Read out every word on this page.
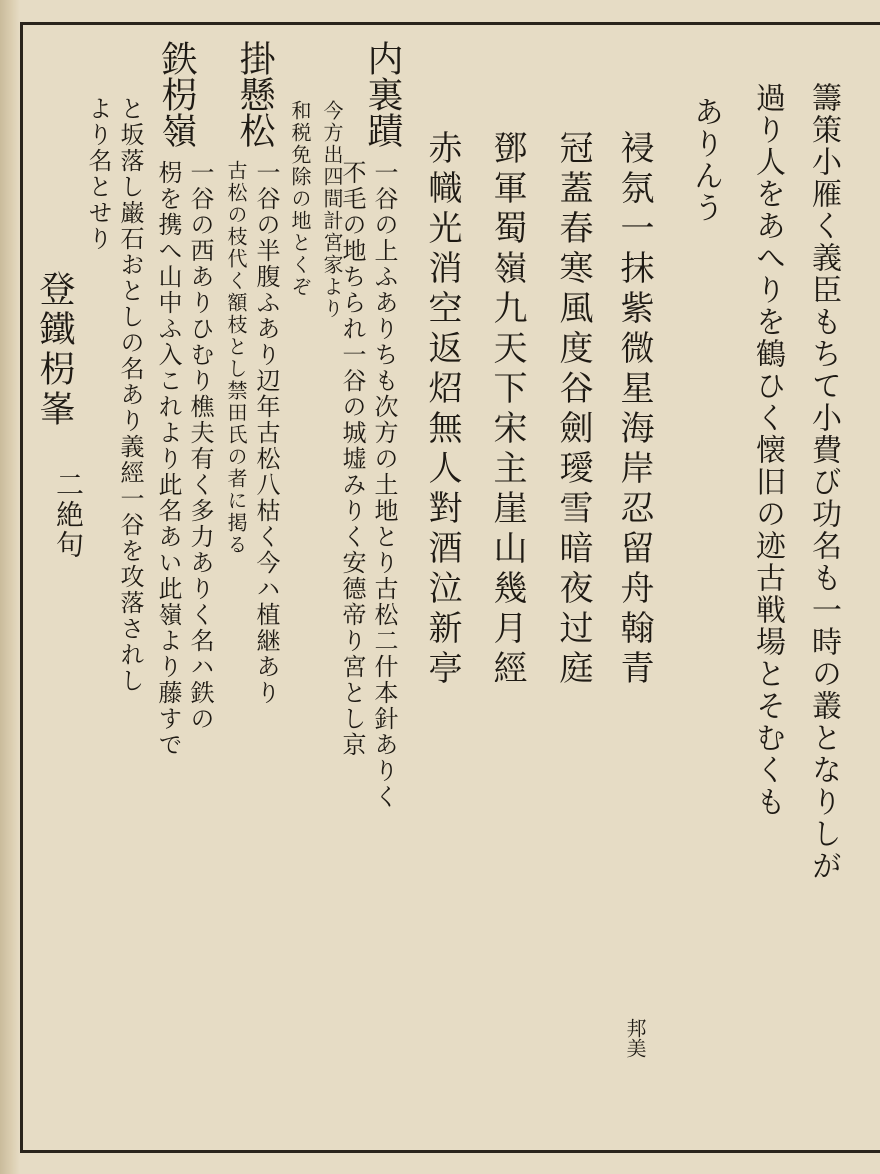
籌策小雁く義臣もちて小費び功名も一時の叢となりしが
過り人をあへりを鶴ひく懐旧の迹古戦場とそむくも
ありんう
祲氛一抹紫微星海岸忍留舟翰青
冠蓋春寒風度谷劍璦雪暗夜过庭
鄧軍蜀嶺九天下宋主崖山幾月經
赤幟光消空返炤無人對酒泣新亭
邦美
内裏蹟
一谷の上ふありちも次方の土地とり古松二什本針ありく
不毛の地ちられ一谷の城墟みりく安德帝り宮とし京
今方出四間計宮家より
和税免除の地とくぞ
掛懸松
一谷の半腹ふあり辺年古松八枯く今ハ植継あり
古松の枝代く額枝とし禁田氏の者に掲る
鉄枴嶺
一谷の西ありひむり樵夫有く多力ありく名ハ鉄の
枴を携へ山中ふ入これより此名あい此嶺より藤すで
と坂落し巌石おとしの名あり義經一谷を攻落されし
より名とせり
登鐵枴峯
二絶句
